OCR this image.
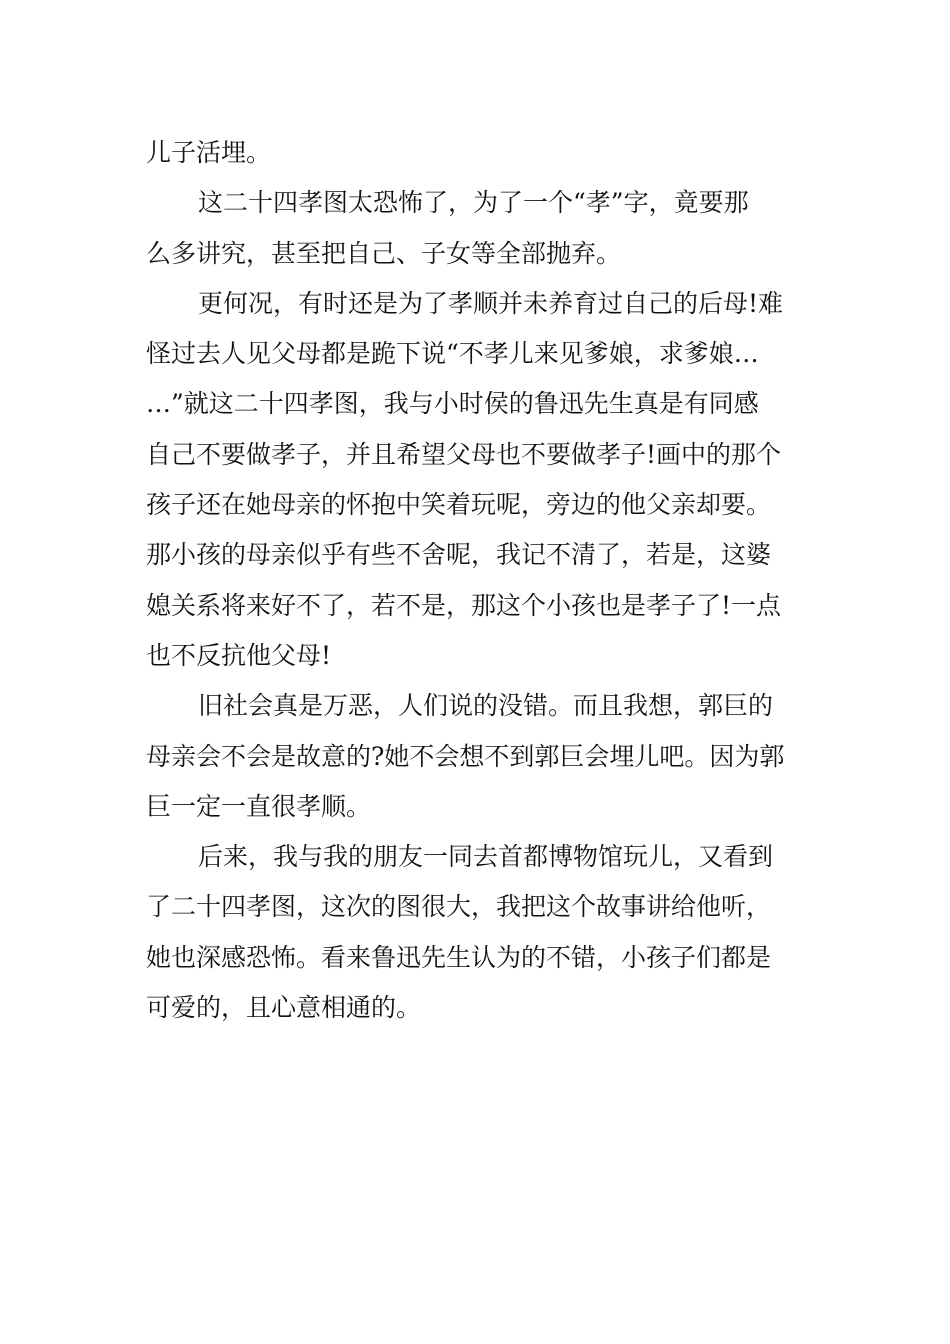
儿子活埋。
这二十四孝图太恐怖了，为了一个“孝”字，竟要那
么多讲究，甚至把自己、子女等全部抛弃。
更何况，有时还是为了孝顺并未养育过自己的后母!难
怪过去人见父母都是跪下说“不孝儿来见爹娘，求爹娘…
…”就这二十四孝图，我与小时侯的鲁迅先生真是有同感
自己不要做孝子，并且希望父母也不要做孝子!画中的那个
孩子还在她母亲的怀抱中笑着玩呢，旁边的他父亲却要。
那小孩的母亲似乎有些不舍呢，我记不清了，若是，这婆
媳关系将来好不了，若不是，那这个小孩也是孝子了!一点
也不反抗他父母!
旧社会真是万恶，人们说的没错。而且我想，郭巨的
母亲会不会是故意的?她不会想不到郭巨会埋儿吧。因为郭
巨一定一直很孝顺。
后来，我与我的朋友一同去首都博物馆玩儿，又看到
了二十四孝图，这次的图很大，我把这个故事讲给他听，
她也深感恐怖。看来鲁迅先生认为的不错，小孩子们都是
可爱的，且心意相通的。
